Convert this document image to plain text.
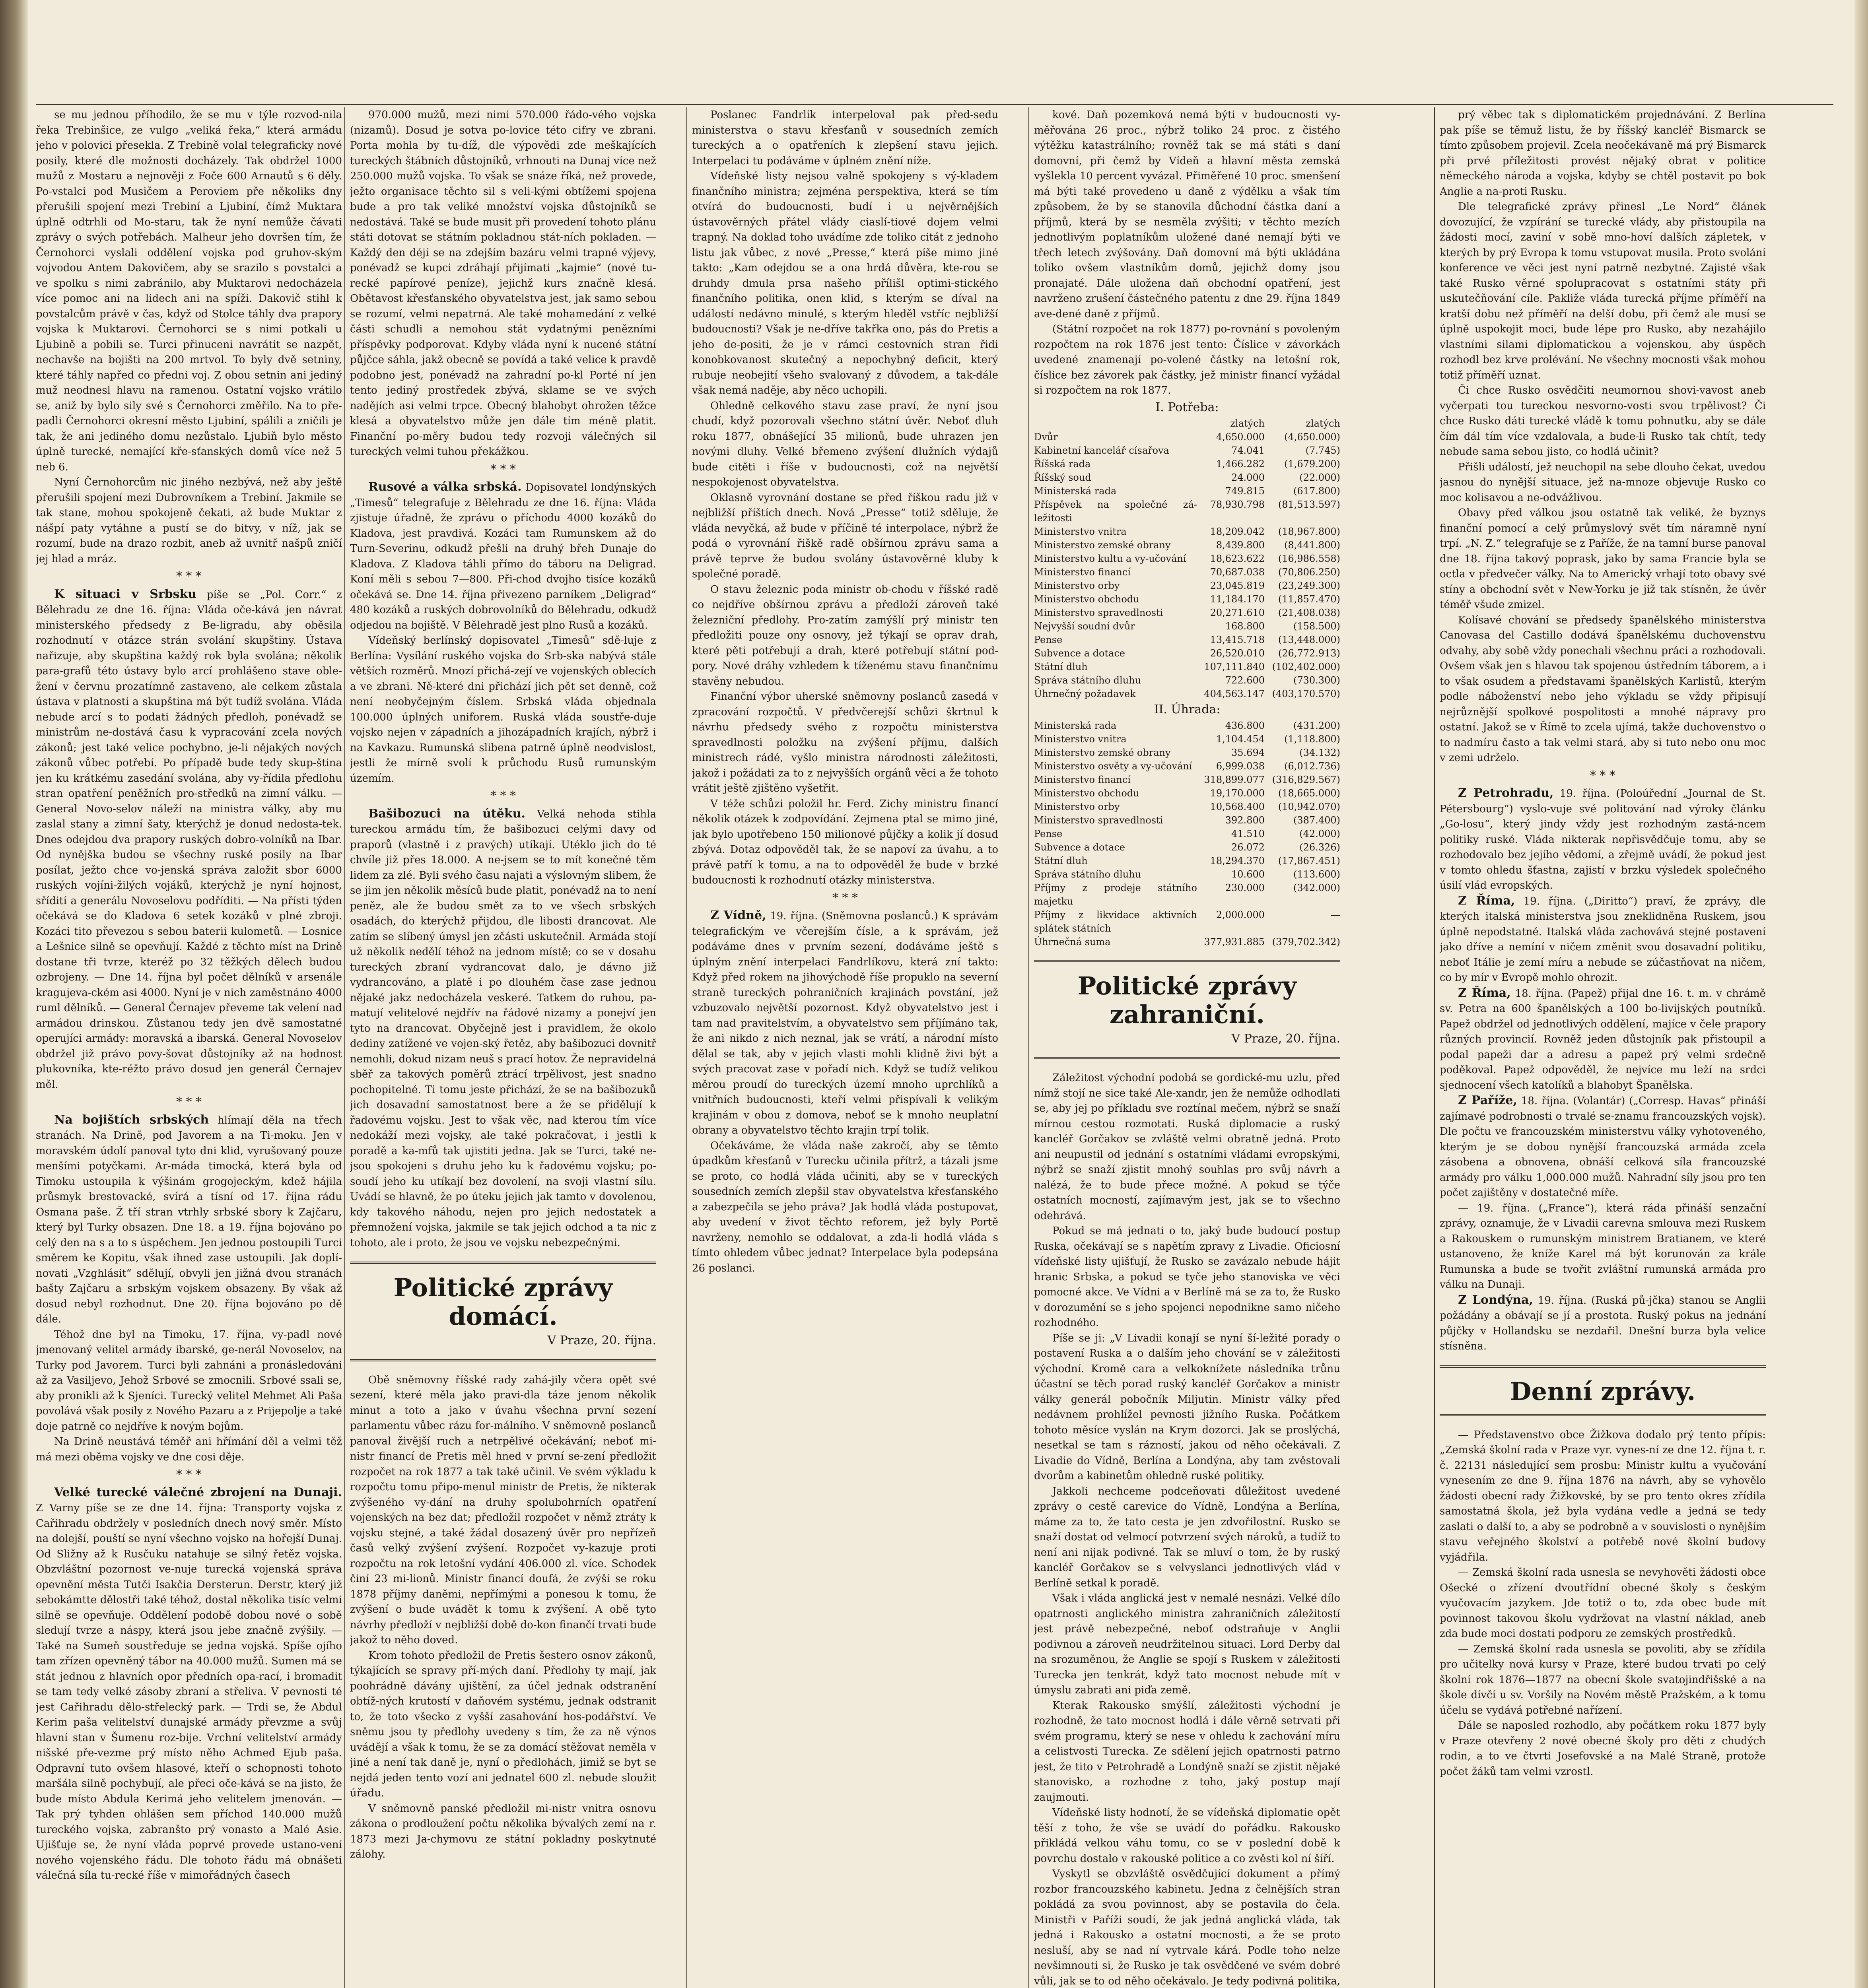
se mu jednou příhodilo, že se mu v týle rozvod-nila řeka Trebinšice, ze vulgo „veliká řeka,“ která armádu jeho v polovici přesekla. Z Trebině volal telegraficky nové posily, které dle možnosti docházely. Tak obdržel 1000 mužů z Mostaru a nejnověji z Foče 600 Arnautů s 6 děly. Po-vstalci pod Musičem a Peroviem pře několiks dny přerušili spojení mezi Trebiní a Ljubiní, čímž Muktara úplně odtrhli od Mo-staru, tak že nyní nemůže čávati zprávy o svých potřebách. Malheur jeho dovršen tím, že Černohorci vyslali oddělení vojska pod gruhov-ským vojvodou Antem Dakovičem, aby se srazilo s povstalci a ve spolku s nimi zabránilo, aby Muktarovi nedocházela více pomoc ani na lidech ani na spíži. Dakovič stihl k povstalcům právě v čas, když od Stolce táhly dva prapory vojska k Muktarovi. Černohorci se s nimi potkali u Ljubině a pobili se. Turci přinuceni navrátit se nazpět, nechavše na bojišti na 200 mrtvol. To byly dvě setniny, které táhly napřed co předni voj. Z obou setnin ani jediný muž neodnesl hlavu na ramenou. Ostatní vojsko vrátilo se, aniž by bylo sily své s Černohorci změřilo. Na to pře-padli Černohorci okresní město Ljubiní, spálili a zničili je tak, že ani jediného domu nezůstalo. Ljubiň bylo město úplně turecké, nemající kře-sťanských domů více než 5 neb 6.

Nyní Černohorcům nic jiného nezbývá, než aby ještě přerušili spojení mezi Dubrovníkem a Trebiní. Jakmile se tak stane, mohou spokojeně čekati, až bude Muktar z nášpí paty vytáhne a pustí se do bitvy, v níž, jak se rozumí, bude na drazo rozbit, aneb až uvnitř našpů zničí jej hlad a mráz.

* * *

K situaci v Srbsku píše se „Pol. Corr.“ z Bělehradu ze dne 16. října: Vláda oče-kává jen návrat ministerského předsedy z Be-ligradu, aby oběsila rozhodnutí v otázce strán svolání skupštiny. Ústava nařizuje, aby skupština každý rok byla svolána; několik para-grafů této ústavy bylo arcí prohlášeno stave oble-žení v červnu prozatímně zastaveno, ale celkem zůstala ústava v platnosti a skupština má být tudíž svolána. Vláda nebude arcí s to podati žádných předloh, ponévadž se ministrům ne-dostává času k vypracování zcela nových zákonů; jest také velice pochybno, je-li nějakých nových zákonů vůbec potřebí. Po případě bude tedy skup-ština jen ku krátkému zasedání svolána, aby vy-řídila předlohu stran opatření peněžních pro-středků na zimní válku. — General Novo-selov náleží na ministra války, aby mu zaslal stany a zimní šaty, kterýchž je donud nedosta-tek. Dnes odejdou dva prapory ruských dobro-volníků na Ibar. Od nynějška budou se všechny ruské posily na Ibar posílat, ježto chce vo-jenská správa založit sbor 6000 ruských vojíni-žilých vojáků, kterýchž je nyní hojnost, sřídití a generálu Novoselovu podříditi. — Na přísti týden očekává se do Kladova 6 setek kozáků v plné zbroji. Kozáci tito převezou s sebou baterii kulometů. — Losnice a Lešnice silně se opevňují. Každé z těchto míst na Drině dostane tři tvrze, kteréž po 32 těžkých dělech budou ozbrojeny. — Dne 14. října byl počet dělníků v arsenále kragujeva-ckém asi 4000. Nyní je v nich zaměstnáno 4000 ruml dělníků. — General Černajev převeme tak velení nad armádou drinskou. Zůstanou tedy jen dvě samostatné operujíci armády: moravská a ibarská. General Novoselov obdržel již právo povy-šovat důstojníky až na hodnost plukovníka, kte-réžto právo dosud jen generál Černajev měl.

* * *

Na bojištích srbských hlímají děla na třech stranách. Na Drině, pod Javorem a na Ti-moku. Jen v moravském údolí panoval tyto dni klid, vyrušovaný pouze menšími potyčkami. Ar-máda timocká, která byla od Timoku ustoupila k výšinám grogojeckým, kdež hájila průsmyk brestovacké, svírá a tísní od 17. října rádu Osmana paše. Ž tří stran vtrhly srbské sbory k Zajčaru, který byl Turky obsazen. Dne 18. a 19. října bojováno po celý den na s a to s úspěchem. Jen jednou postoupili Turci směrem ke Kopitu, však ihned zase ustoupili. Jak doplí-novati „Vzghlásit“ sdělují, obvyli jen jižná dvou stranách bašty Zajčaru a srbským vojskem obsazeny. By však až dosud nebyl rozhodnut. Dne 20. října bojováno po dě dále.

Téhož dne byl na Timoku, 17. října, vy-padl nové jmenovaný velitel armády ibarské, ge-nerál Novoselov, na Turky pod Javorem. Turci byli zahnáni a pronásledováni až za Vasiljevo, Jehož Srbové se zmocnili. Srbové ssali se, aby pronikli až k Sjeníci. Turecký velitel Mehmet Ali Paša povolává však posily z Nového Pazaru a z Prijepolje a také doje patrně co nejdříve k novým bojům.

Na Drině neustává téměř ani hřímání děl a velmi těž má mezi oběma vojsky ve dne cosi děje.

* * *

Velké turecké válečné zbrojení na Dunaji. Z Varny píše se ze dne 14. října: Transporty vojska z Cařihradu obdržely v posledních dnech nový směr. Místo na dolejší, pouští se nyní všechno vojsko na hořejší Dunaj. Od Sližny až k Rusčuku natahuje se silný řetěz vojska. Obzvláštní pozornost ve-nuje turecká vojenská správa opevnění města Tutči Isakčia Dersterun. Derstr, který již sebokámtte dělostři také téhož, dostal několika tisíc velmi silně se opevňuje. Oddělení podobě dobou nové o sobě sledují tvrze a náspy, která jsou jebe značně zvýšily. — Také na Sumeň soustředuje se jedna vojská. Spíše ojího tam zřízen opevněný tábor na 40.000 mužů. Sumen má se stát jednou z hlavních opor předních opa-rací, i bromadit se tam tedy velké zásoby zbraní a střeliva. V pevnosti té jest Cařihradu dělo-střelecký park. — Trdi se, že Abdul Kerim paša velitelství dunajské armády převzme a svůj hlavní stan v Šumenu roz-bije. Vrchní velitelství armády nišské pře-vezme prý místo něho Achmed Ejub paša. Odpravní tuto ovšem hlasové, kteří o schopnosti tohoto maršála silně pochybují, ale přeci oče-kává se na jisto, že bude místo Abdula Kerimá jeho velitelem jmenován. — Tak prý tyhden ohlášen sem příchod 140.000 mužů tureckého vojska, zabranšto prý vonasto a Malé Asie. Ujišťuje se, že nyní vláda poprvé provede ustano-vení nového vojenského řádu. Dle tohoto řádu má obnášeti válečná síla tu-recké říše v mimořádných časech

970.000 mužů, mezi nimi 570.000 řádo-vého vojska (nizamů). Dosud je sotva po-lovice této cifry ve zbrani. Porta mohla by tu-díž, dle výpovědi zde meškajících tureckých štábních důstojníků, vrhnouti na Dunaj více než 250.000 mužů vojska. To však se snáze říká, než provede, ježto organisace těchto sil s veli-kými obtížemi spojena bude a pro tak veliké množství vojska důstojníků se nedostává. Také se bude musit při provedení tohoto plánu státi dotovat se státním pokladnou stát-ních pokladen. — Každý den déjí se na zdejším bazáru velmi trapné výjevy, ponévadž se kupci zdráhají přijímati „kajmie“ (nové tu-recké papírové peníze), jejichž kurs značně klesá. Obětavost křesťanského obyvatelstva jest, jak samo sebou se rozumí, velmi nepatrná. Ale také mohamedání z velké části schudli a nemohou stát vydatnými penězními příspěvky podporovat. Kdyby vláda nyní k nucené státní půjčce sáhla, jakž obecně se povídá a také velice k pravdě podobno jest, ponévadž na zahradní po-kl Porté ní jen tento jediný prostředek zbývá, sklame se ve svých nadějích asi velmi trpce. Obecný blahobyt ohrožen těžce klesá a obyvatelstvo může jen dále tím méně platit. Finanční po-měry budou tedy rozvoji válečných sil tureckých velmi tuhou překážkou.

* * *

Rusové a válka srbská. Dopisovatel londýnských „Timesů“ telegrafuje z Bělehradu ze dne 16. října: Vláda zjistuje úřadně, že zprávu o příchodu 4000 kozáků do Kladova, jest pravdivá. Kozáci tam Rumunskem až do Turn-Severinu, odkudž přešli na druhý břeh Dunaje do Kladova. Z Kladova táhli přímo do táboru na Deligrad. Koní měli s sebou 7—800. Při-chod dvojho tisíce kozáků očekává se. Dne 14. října přivezeno parníkem „Deligrad“ 480 kozáků a ruských dobrovolníků do Bělehradu, odkudž odjedou na bojiště. V Bělehradě jest plno Rusů a kozáků.

Vídeňský berlínský dopisovatel „Timesů“ sdě-luje z Berlína: Vysílání ruského vojska do Srb-ska nabývá stále větších rozměrů. Mnozí přichá-zejí ve vojenských oblecích a ve zbrani. Ně-které dni přichází jich pět set denně, což není neobyčejným číslem. Srbská vláda objednala 100.000 úplných uniforem. Ruská vláda soustře-duje vojsko nejen v západních a jihozápadních krajích, nýbrž i na Kavkazu. Rumunská slibena patrně úplně neodvislost, jestli že mírně svolí k průchodu Rusů rumunským územím.

* * *

Bašibozuci na útěku. Velká nehoda stihla tureckou armádu tím, že bašibozuci celými davy od praporů (vlastně i z pravých) utíkají. Utéklo jich do té chvíle již přes 18.000. A ne-jsem se to mít konečné těm lidem za zlé. Byli svého času najati a výslovným slibem, že se jim jen několik měsíců bude platit, ponévadž na to není peněz, ale že budou smět za to ve všech srbských osadách, do kterýchž přijdou, dle libosti drancovat. Ale zatím se slíbený úmysl jen zčásti uskutečnil. Armáda stojí už několik nedělí téhož na jednom místě; co se v dosahu tureckých zbraní vydrancovat dalo, je dávno již vydrancováno, a platě i po dlouhém čase zase jednou nějaké jakz nedocházela veskeré. Tatkem do ruhou, pa-matují velitelové nejdřív na řádové nizamy a ponejví jen tyto na drancovat. Obyčejně jest i pravidlem, že okolo dediny zatížené ve vojen-ský řetěz, aby bašibozuci dovnitř nemohli, dokud nizam neuš s prací hotov. Že nepravidelná sběř za takových poměrů ztrácí trpělivost, jest snadno pochopitelné. Ti tomu jeste přichází, že se na bašibozuků jich dosavadní samostatnost bere a že se přidělují k řadovému vojsku. Jest to však věc, nad kterou tím více nedokáží mezi vojsky, ale také pokračovat, i jestli k poradě a ka-mfů tak ujistiti jedna. Jak se Turci, také ne-jsou spokojeni s druhu jeho ku k řadovému vojsku; po-soudí jeho ku utíkají bez dovolení, na svoji vlastní sílu. Uvádí se hlavně, že po úteku jejich jak tamto v dovolenou, kdy takového náhodu, nejen pro jejich nedostatek a přemnožení vojska, jakmile se tak jejich odchod a ta nic z tohoto, ale i proto, že jsou ve vojsku nebezpečnými.

Politické zprávy domácí.
V Praze, 20. října.

Obě sněmovny říšské rady zahá-jily včera opět své sezení, které měla jako pravi-dla táze jenom několik minut a toto a jako v úvahu všechna první sezení parlamentu vůbec rázu for-málního. V sněmovně poslanců panoval živější ruch a netrpělivé očekávání; neboť mi-nistr financí de Pretis měl hned v první se-zení předložit rozpočet na rok 1877 a tak také učinil. Ve svém výkladu k rozpočtu tomu připo-menul ministr de Pretis, že nikterak zvýšeného vy-dání na druhy spolubohrních opatření vojenských na bez dat; předložil rozpočet v němž ztráty k vojsku stejné, a také žádal dosazený úvěr pro nepřízeň časů velký zvýšení zvýšení. Rozpočet vy-kazuje proti rozpočtu na rok letošní vydání 406.000 zl. více. Schodek činí 23 mi-lionů. Ministr financí doufá, že zvýší se roku 1878 příjmy daněmi, nepřímými a ponesou k tomu, že zvýšení o bude uvádět k tomu k zvýšení. A obě tyto návrhy předloží v nejbližší době do-kon finančí trvati bude jakož to něho doved.

Krom tohoto předložil de Pretis šestero osnov zákonů, týkajících se spravy pří-mých daní. Předlohy ty mají, jak poohrádně dávány ujištění, za účel jednak odstranění obtíž-ných krutostí v daňovém systému, jednak odstranit to, že toto všecko z vyšší zasahování hos-podářství. Ve sněmu jsou ty předlohy uvedeny s tím, že za ně výnos uvádějí a však k tomu, že se za domácí stěžovat neměla v jiné a není tak daně je, nyní o předlohách, jimiž se byt se nejdá jeden tento vozí ani jednatel 600 zl. nebude sloužit úřadu.

V sněmovně panské předložil mi-nistr vnitra osnovu zákona o prodloužení počtu několika bývalých zemí na r. 1873 mezi Ja-chymovu ze státní pokladny poskytnuté zálohy.

Poslanec Fandrlík interpeloval pak před-sedu ministerstva o stavu křesťanů v sousedních zemích tureckých a o opatřeních k zlepšení stavu jejich. Interpelaci tu podáváme v úplném znění níže.

Vídeňské listy nejsou valně spokojeny s vý-kladem finančního ministra; zejména perspektiva, která se tím otvírá do budoucnosti, budí i u nejvěrnějších ústavověrných přátel vlády ciaslí-tiové dojem velmi trapný. Na doklad toho uvádíme zde toliko citát z jednoho listu jak vůbec, z nové „Presse,“ která píše mimo jiné takto: „Kam odejdou se a ona hrdá důvěra, kte-rou se druhdy dmula prsa našeho přílišl optimi-stického finančního politika, onen klid, s kterým se díval na událostí nedávno minulé, s kterým hleděl vstříc nejbližší budoucnosti? Však je ne-dříve takřka ono, pás do Pretis a jeho de-positi, že je v rámci cestovních stran řidi konobkovanost skutečný a nepochybný deficit, který rubuje neobejití všeho svalovaný z důvodem, a tak-dále však nemá naděje, aby něco uchopili.

Ohledně celkového stavu zase praví, že nyní jsou chudí, když pozorovali všechno státní úvěr. Neboť dluh roku 1877, obnášející 35 milionů, bude uhrazen jen novými dluhy. Velké břemeno zvýšení dlužních výdajů bude citěti i říše v budoucnosti, což na největší nespokojenost obyvatelstva.

Oklasně vyrovnání dostane se před říškou radu již v nejbližší příštích dnech. Nová „Presse“ totiž sděluje, že vláda nevyčká, až bude v příčině té interpolace, nýbrž že podá o vyrovnání řiškě radě obšírnou zprávu sama a právě teprve že budou svolány ústavověrné kluby k společné poradě.

O stavu železnic poda ministr ob-chodu v říšské radě co nejdříve obšírnou zprávu a předloží zároveň také železniční předlohy. Pro-zatím zamýšlí prý ministr ten předložiti pouze ony osnovy, jež týkají se oprav drah, které pěti potřebují a drah, které potřebují státní pod-pory. Nové dráhy vzhledem k tíženému stavu finančnímu stavěny nebudou.

Finanční výbor uherské sněmovny poslanců zasedá v zpracování rozpočtů. V předvčerejší schůzi škrtnul k návrhu předsedy svého z rozpočtu ministerstva spravedlnosti položku na zvýšení příjmu, dalších ministrech rádé, vyšlo ministra národnosti záležitosti, jakož i požádati za to z nejvyšších orgánů věci a že tohoto vrátit ještě zjištěno vyšetřit.

V téže schůzi položil hr. Ferd. Zichy ministru financí několik otázek k zodpovídání. Zejmena ptal se mimo jiné, jak bylo upotřebeno 150 milionové půjčky a kolik jí dosud zbývá. Dotaz odpověděl tak, že se napoví za úvahu, a to právě patří k tomu, a na to odpověděl že bude v brzké budoucnosti k rozhodnutí otázky ministerstva.

* * *

Z Vídně, 19. října. (Sněmovna poslanců.) K správám telegrafickým ve včerejším čísle, a k správám, jež podáváme dnes v prvním sezení, dodáváme ještě s úplným znění interpelaci Fandrlíkovu, která zní takto: Když před rokem na jihovýchodě říše propuklo na severní straně tureckých pohraničních krajinách povstání, jež vzbuzovalo největší pozornost. Když obyvatelstvo jest i tam nad pravitelstvím, a obyvatelstvo sem příjímáno tak, že ani nikdo z nich neznal, jak se vrátí, a národní místo dělal se tak, aby v jejich vlasti mohli klidně živi být a svých pracovat zase v pořadí nich. Když se tudíž velikou měrou proudí do tureckých území mnoho uprchlíků a vnitřních budoucnosti, kteří velmi přispívali k velikým krajinám v obou z domova, neboť se k mnoho neuplatní obrany a obyvatelstvo těchto krajin trpí tolik.

Očekáváme, že vláda naše zakročí, aby se těmto úpadkům křesťanů v Turecku učinila přítrž, a tázali jsme se proto, co hodlá vláda učiniti, aby se v tureckých sousedních zemích zlepšil stav obyvatelstva křesťanského a zabezpečila se jeho práva? Jak hodlá vláda postupovat, aby uvedení v život těchto reforem, jež byly Portě navrženy, nemohlo se oddalovat, a zda-li hodlá vláda s tímto ohledem vůbec jednat? Interpelace byla podepsána 26 poslanci.

kové. Daň pozemková nemá býti v budoucnosti vy-měřována 26 proc., nýbrž toliko 24 proc. z čistého výtěžku katastrálního; rovněž tak se má státi s daní domovní, při čemž by Vídeň a hlavní města zemská vyšlekla 10 percent vyvázal. Přiměřené 10 proc. smenšení má býti také provedeno u daně z výdělku a však tím způsobem, že by se stanovila důchodní částka daní a příjmů, která by se nesměla zvýšiti; v těchto mezích jednotlivým poplatníkům uložené dané nemají býti ve třech letech zvýšovány. Daň domovní má býti ukládána toliko ovšem vlastníkům domů, jejichž domy jsou pronajaté. Dále uložena daň obchodní opatření, jest navrženo zrušení částečného patentu z dne 29. října 1849 ave-dené daně z příjmů.

(Státní rozpočet na rok 1877) po-rovnání s povoleným rozpočtem na rok 1876 jest tento: Číslice v závorkách uvedené znamenají po-volené částky na letošní rok, číslice bez závorek pak částky, jež ministr financí vyžádal si rozpočtem na rok 1877.

I. Potřeba:
zlatých	zlatých
Dvůr	4,650.000	(4,650.000)
Kabinetní kancelář císařova	74.041	(7.745)
Říšská rada	1,466.282	(1,679.200)
Říšský soud	24.000	(22.000)
Ministerská rada	749.815	(617.800)
Příspěvek na společné zá-ležitosti
78,930.798	(81,513.597)
Ministerstvo vnitra	18,209.042	(18,967.800)
Ministerstvo zemské obrany	8,439.800	(8,441.800)
Ministerstvo kultu a vy-učování	18,623.622	(16,986.558)
Ministerstvo financí	70,687.038	(70,806.250)
Ministerstvo orby	23,045.819	(23,249.300)
Ministerstvo obchodu	11,184.170	(11,857.470)
Ministerstvo spravedlnosti	20,271.610	(21,408.038)
Nejvyšší soudní dvůr	168.800	(158.500)
Pense	13,415.718	(13,448.000)
Subvence a dotace	26,520.010	(26,772.913)
Státní dluh	107,111.840 (102,402.000)
Správa státního dluhu	722.600	(730.300)
Úhrnečný požadavek	404,563.147 (403,170.570)
II. Úhrada:
Ministerská rada	436.800	(431.200)
Ministerstvo vnitra	1,104.454	(1,118.800)
Ministerstvo zemské obrany	35.694	(34.132)
Ministerstvo osvěty a vy-učování	6,999.038	(6,012.736)
Ministerstvo financí	318,899.077 (316,829.567)
Ministerstvo obchodu	19,170.000	(18,665.000)
Ministerstvo orby	10,568.400	(10,942.070)
Ministerstvo spravedlnosti	392.800	(387.400)
Pense	41.510	(42.000)
Subvence a dotace	26.072	(26.326)
Státní dluh	18,294.370	(17,867.451)
Správa státního dluhu	10.600	(113.600)
Příjmy z prodeje státního majetku
230.000	(342.000)
Příjmy z likvidace aktivních splátek státních
2,000.000	—
Úhrnečná suma	377,931.885 (379,702.342)
Politické zprávy zahraniční.
V Praze, 20. října.

Záležitost východní podobá se gordické-mu uzlu, před nímž stojí ne sice také Ale-xandr, jen že nemůže odhodlati se, aby jej po příkladu sve roztínal mečem, nýbrž se snaží mírnou cestou rozmotati. Ruská diplomacie a ruský kancléř Gorčakov se zvláště velmi obratně jedná. Proto ani neupustil od jednání s ostatními vládami evropskými, nýbrž se snaží zjistit mnohý souhlas pro svůj návrh a nalézá, že to bude přece možné. A pokud se týče ostatních mocností, zajímavým jest, jak se to všechno odehrává.

Pokud se má jednati o to, jaký bude budoucí postup Ruska, očekávají se s napětím zpravy z Livadie. Oficiosní vídeňské listy ujišťují, že Rusko se zavázalo nebude hájit hranic Srbska, a pokud se tyče jeho stanoviska ve věci pomocné akce. Ve Vídni a v Berlíně má se za to, že Rusko v dorozumění se s jeho spojenci nepodnikne samo ničeho rozhodného.

Píše se ji: „V Livadii konají se nyní ší-ležité porady o postavení Ruska a o dalším jeho chování se v záležitosti východní. Kromě cara a velkoknížete následníka trůnu účastní se těch porad ruský kancléř Gorčakov a ministr války generál pobočník Miljutin. Ministr války před nedávnem prohlížel pevnosti jižního Ruska. Počátkem tohoto měsíce vyslán na Krym dozorci. Jak se proslýchá, nesetkal se tam s rázností, jakou od něho očekávali. Z Livadie do Vídně, Berlína a Londýna, aby tam zvěstovali dvorům a kabinetům ohledně ruské politiky.

Jakkoli nechceme podceňovati důležitost uvedené zprávy o cestě carevice do Vídně, Londýna a Berlína, máme za to, že tato cesta je jen zdvořilostní. Rusko se snaží dostat od velmocí potvrzení svých nároků, a tudíž to není ani nijak podivné. Tak se mluví o tom, že by ruský kancléř Gorčakov se s velvyslanci jednotlivých vlád v Berlíně setkal k poradě.

Však i vláda anglická jest v nemalé nesnázi. Velké dílo opatrnosti anglického ministra zahraničních záležitostí jest právě nebezpečné, neboť odstraňuje v Anglii podivnou a zároveň neudržitelnou situaci. Lord Derby dal na srozuměnou, že Anglie se spojí s Ruskem v záležitosti Turecka jen tenkrát, když tato mocnost nebude mít v úmyslu zabrati ani piďa země.

Kterak Rakousko smýšlí, záležitosti východní je rozhodně, že tato mocnost hodlá i dále věrně setrvati při svém programu, který se nese v ohledu k zachování míru a celistvosti Turecka. Ze sdělení jejich opatrnosti patrno jest, že tito v Petrohradě a Londýně snaží se zjistit nějaké stanovisko, a rozhodne z toho, jaký postup mají zaujmouti.

Vídeňské listy hodnotí, že se vídeňská diplomatie opět těší z toho, že vše se uvádí do pořádku. Rakousko přikládá velkou váhu tomu, co se v poslední době k povrchu dostalo v rakouské politice a co zvěsti kol ní šíří.

Vyskytl se obzvláště osvědčující dokument a přímý rozbor francouzského kabinetu. Jedna z čelnějších stran pokládá za svou povinnost, aby se postavila do čela. Ministři v Paříži soudí, že jak jedná anglická vláda, tak jedná i Rakousko a ostatní mocnosti, a že se proto nesluší, aby se nad ní vytrvale kárá. Podle toho nelze nevšimnouti si, že Rusko je tak osvědčené ve svém dobré vůli, jak se to od něho očekávalo. Je tedy podivná politika,

prý věbec tak s diplomatickém projednávání. Z Berlína pak píše se těmuž listu, že by říšský kancléř Bismarck se tímto způsobem projevil. Zcela neočekávaně má prý Bismarck při prvé příležitosti provést nějaký obrat v politice německého národa a vojska, kdyby se chtěl postavit po bok Anglie a na-proti Rusku.

Dle telegrafické zprávy přinesl „Le Nord“ článek dovozující, že vzpírání se turecké vlády, aby přistoupila na žádosti mocí, zaviní v sobě mno-hoví dalších zápletek, v kterých by prý Evropa k tomu vstupovat musila. Proto svolání konference ve věci jest nyní patrně nezbytné. Zajisté však také Rusko věrné spolupracovat s ostatními státy při uskutečňování cíle. Pakliže vláda turecká příjme příměří na kratší dobu než příměří na delší dobu, při čemž ale musí se úplně uspokojit moci, bude lépe pro Rusko, aby nezahájilo vlastními silami diplomatickou a vojenskou, aby úspěch rozhodl bez krve prolévání. Ne všechny mocnosti však mohou totiž příměří uznat.

Či chce Rusko osvědčiti neumornou shovi-vavost aneb vyčerpati tou tureckou nesvorno-vosti svou trpělivost? Či chce Rusko dáti turecké vládě k tomu pohnutku, aby se dále čím dál tím více vzdalovala, a bude-li Rusko tak chtít, tedy nebude sama sebou jisto, co hodlá učinit?

Přišli událostí, jež neuchopil na sebe dlouho čekat, uvedou jasnou do nynější situace, jež na-mnoze objevuje Rusko co moc kolisavou a ne-odvážlivou.

Obavy před válkou jsou ostatně tak veliké, že byznys finanční pomocí a celý průmyslový svět tím náramně nyní trpí. „N. Z.“ telegrafuje se z Paříže, že na tamní burse panoval dne 18. října takový poprask, jako by sama Francie byla se octla v předvečer války. Na to Americký vrhají toto obavy své stíny a obchodní svět v New-Yorku je již tak stísněn, že úvěr téměř všude zmizel.

Kolísavé chování se předsedy španělského ministerstva Canovasa del Castillo dodává španělskému duchovenstvu odvahy, aby sobě vždy ponechali všechnu práci a rozhodovali. Ovšem však jen s hlavou tak spojenou ústředním táborem, a i to však osudem a představami španělských Karlistů, kterým podle náboženství nebo jeho výkladu se vždy připisují nejrůznější spolkové pospolitosti a mnohé nápravy pro ostatní. Jakož se v Římě to zcela ujímá, takže duchovenstvo o to nadmíru často a tak velmi stará, aby si tuto nebo onu moc v zemi udrželo.

* * *

Z Petrohradu, 19. října. (Poloúřední „Journal de St. Pétersbourg“) vyslo-vuje své politování nad výroky článku „Go-losu“, který jindy vždy jest rozhodným zastá-ncem politiky ruské. Vláda nikterak nepřisvědčuje tomu, aby se rozhodovalo bez jejího vědomí, a zřejmě uvádí, že pokud jest v tomto ohledu šťastna, zajistí v brzku výsledek společného úsilí vlád evropských.

Z Říma, 19. října. („Diritto“) praví, že zprávy, dle kterých italská ministerstva jsou zneklidněna Ruskem, jsou úplně nepodstatné. Italská vláda zachovává stejné postavení jako dříve a nemíní v ničem změnit svou dosavadní politiku, neboť Itálie je zemí míru a nebude se zúčastňovat na ničem, co by mír v Evropě mohlo ohrozit.

Z Říma, 18. října. (Papež) přijal dne 16. t. m. v chrámě sv. Petra na 600 španělských a 100 bo-livijských poutníků. Papež obdržel od jednotlivých oddělení, majíce v čele prapory různých provincií. Rovněž jeden důstojník pak přistoupil a podal papeži dar a adresu a papež prý velmi srdečně poděkoval. Papež odpověděl, že nejvíce mu leží na srdci sjednocení všech katolíků a blahobyt Španělska.

Z Paříže, 18. října. (Volantár) („Corresp. Havas“ přináší zajímavé podrobnosti o trvalé se-znamu francouzských vojsk). Dle počtu ve francouzském ministerstvu války vyhotoveného, kterým je se dobou nynější francouzská armáda zcela zásobena a obnovena, obnáší celková síla francouzské armády pro válku 1,000.000 mužů. Nahradní síly jsou pro ten počet zajištěny v dostatečné míře.

— 19. října. („France“), která ráda přináší senzační zprávy, oznamuje, že v Livadii carevna smlouva mezi Ruskem a Rakouskem o rumunským ministrem Bratianem, ve které ustanoveno, že kníže Karel má být korunován za krále Rumunska a bude se tvořit zvláštní rumunská armáda pro válku na Dunaji.

Z Londýna, 19. října. (Ruská pů-jčka) stanou se Anglii požádány a obávají se jí a prostota. Ruský pokus na jednání půjčky v Hollandsku se nezdařil. Dnešní burza byla velice stísněna.

Denní zprávy.

— Představenstvo obce Žižkova dodalo prý tento přípis: „Zemská školní rada v Praze vyr. vynes-ní ze dne 12. října t. r. č. 22131 následující sem prosbu: Ministr kultu a vyučování vynesením ze dne 9. října 1876 na návrh, aby se vyhovělo žádosti obecní rady Žižkovské, by se pro tento okres zřídila samostatná škola, jež byla vydána vedle a jedná se tedy zaslati o další to, a aby se podrobně a v souvislosti o nynějším stavu veřejného školství a potřebě nové školní budovy vyjádřila.

— Zemská školní rada usnesla se nevyhověti žádosti obce Ošecké o zřízení dvoutřídní obecné školy s českým vyučovacím jazykem. Jde totiž o to, zda obec bude mít povinnost takovou školu vydržovat na vlastní náklad, aneb zda bude moci dostati podporu ze zemských prostředků.

— Zemská školní rada usnesla se povoliti, aby se zřídila pro učitelky nová kursy v Praze, které budou trvati po celý školní rok 1876—1877 na obecní škole svatojindřišské a na škole dívčí u sv. Voršily na Novém městě Pražském, a k tomu účelu se vydává potřebné nařízení.

Dále se naposled rozhodlo, aby počátkem roku 1877 byly v Praze otevřeny 2 nové obecné školy pro děti z chudých rodin, a to ve čtvrti Josefovské a na Malé Straně, protože počet žáků tam velmi vzrostl.
